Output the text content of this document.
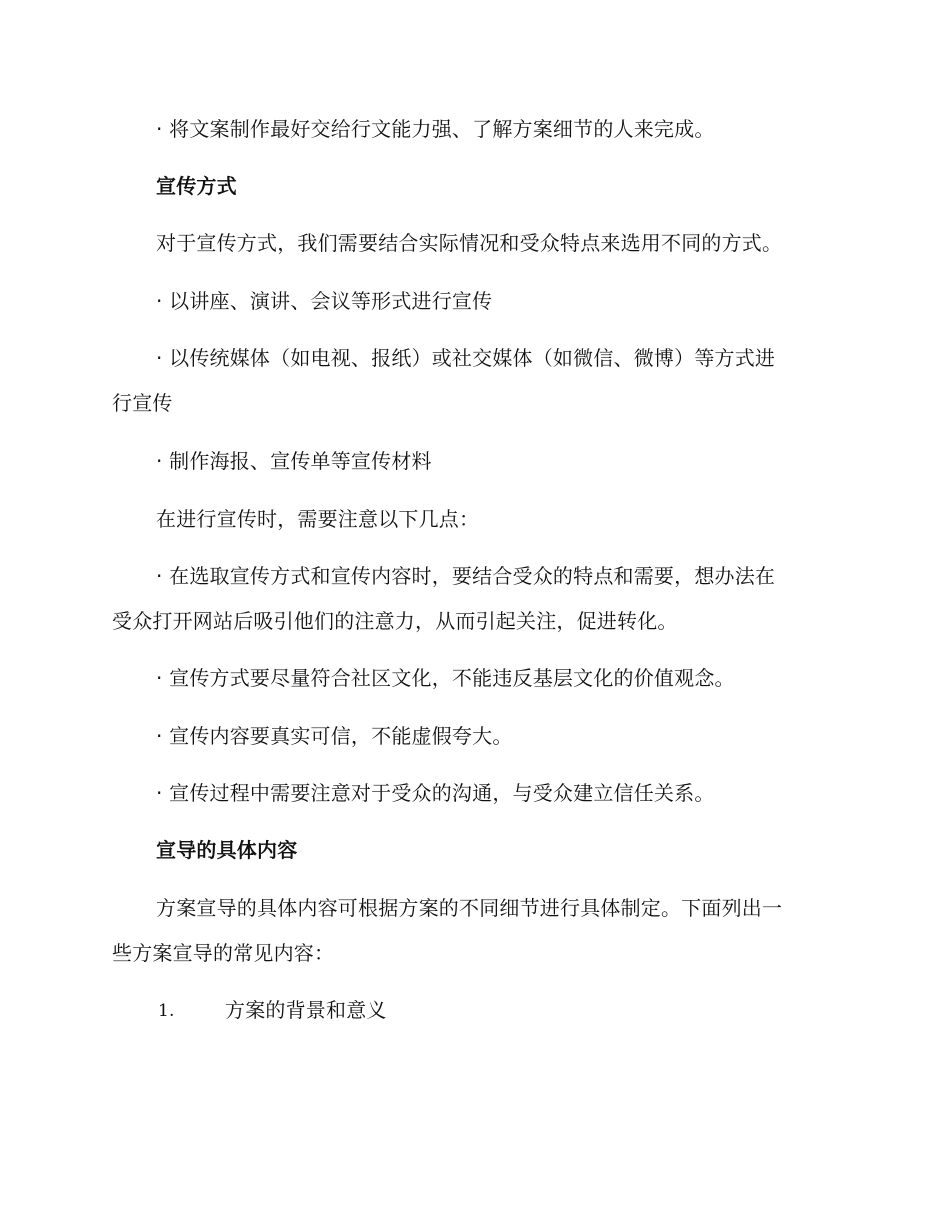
· 将文案制作最好交给行文能力强、了解方案细节的人来完成。
宣传方式
对于宣传方式，我们需要结合实际情况和受众特点来选用不同的方式。
· 以讲座、演讲、会议等形式进行宣传
· 以传统媒体（如电视、报纸）或社交媒体（如微信、微博）等方式进
行宣传
· 制作海报、宣传单等宣传材料
在进行宣传时，需要注意以下几点：
· 在选取宣传方式和宣传内容时，要结合受众的特点和需要，想办法在
受众打开网站后吸引他们的注意力，从而引起关注，促进转化。
· 宣传方式要尽量符合社区文化，不能违反基层文化的价值观念。
· 宣传内容要真实可信，不能虚假夸大。
· 宣传过程中需要注意对于受众的沟通，与受众建立信任关系。
宣导的具体内容
方案宣导的具体内容可根据方案的不同细节进行具体制定。下面列出一
些方案宣导的常见内容：
1.	方案的背景和意义
